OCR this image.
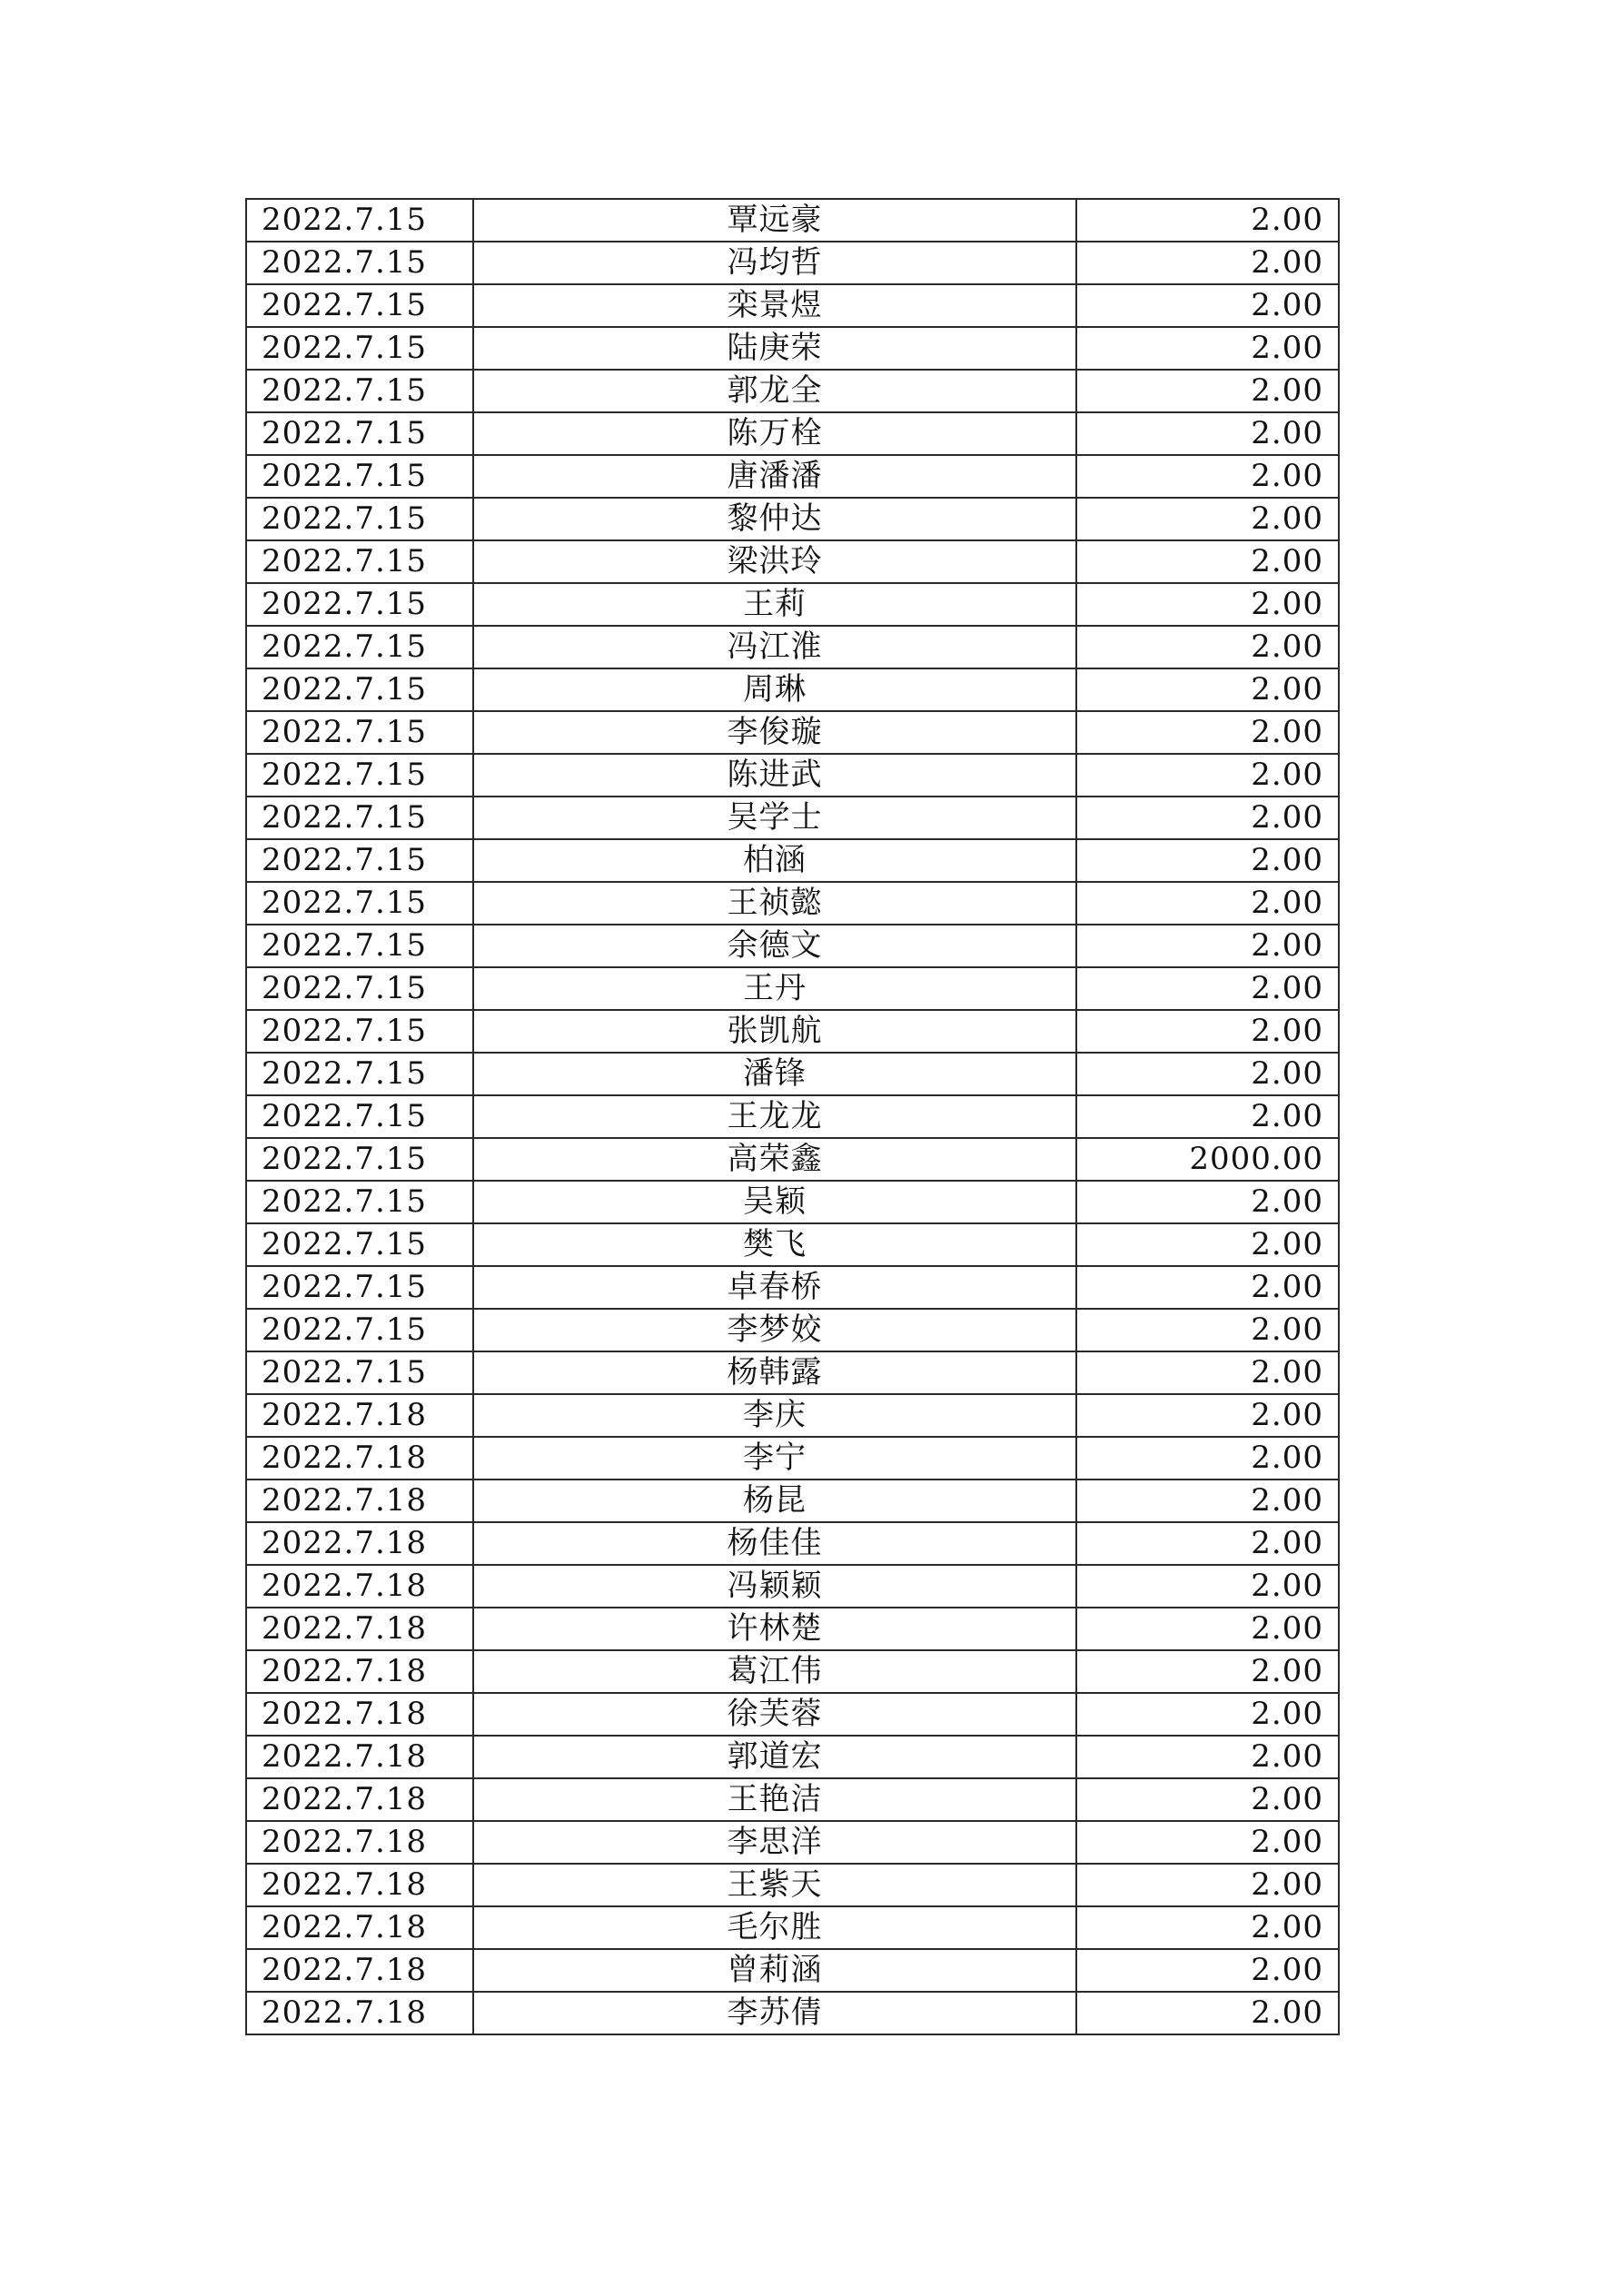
2022.7.15	覃远豪	2.00
2022.7.15	冯均哲	2.00
2022.7.15	栾景煜	2.00
2022.7.15	陆庚荣	2.00
2022.7.15	郭龙全	2.00
2022.7.15	陈万栓	2.00
2022.7.15	唐潘潘	2.00
2022.7.15	黎仲达	2.00
2022.7.15	梁洪玲	2.00
2022.7.15	王莉	2.00
2022.7.15	冯江淮	2.00
2022.7.15	周琳	2.00
2022.7.15	李俊璇	2.00
2022.7.15	陈进武	2.00
2022.7.15	吴学士	2.00
2022.7.15	柏涵	2.00
2022.7.15	王祯懿	2.00
2022.7.15	余德文	2.00
2022.7.15	王丹	2.00
2022.7.15	张凯航	2.00
2022.7.15	潘锋	2.00
2022.7.15	王龙龙	2.00
2022.7.15	高荣鑫	2000.00
2022.7.15	吴颖	2.00
2022.7.15	樊飞	2.00
2022.7.15	卓春桥	2.00
2022.7.15	李梦姣	2.00
2022.7.15	杨韩露	2.00
2022.7.18	李庆	2.00
2022.7.18	李宁	2.00
2022.7.18	杨昆	2.00
2022.7.18	杨佳佳	2.00
2022.7.18	冯颖颖	2.00
2022.7.18	许林楚	2.00
2022.7.18	葛江伟	2.00
2022.7.18	徐芙蓉	2.00
2022.7.18	郭道宏	2.00
2022.7.18	王艳洁	2.00
2022.7.18	李思洋	2.00
2022.7.18	王紫天	2.00
2022.7.18	毛尔胜	2.00
2022.7.18	曾莉涵	2.00
2022.7.18	李苏倩	2.00
